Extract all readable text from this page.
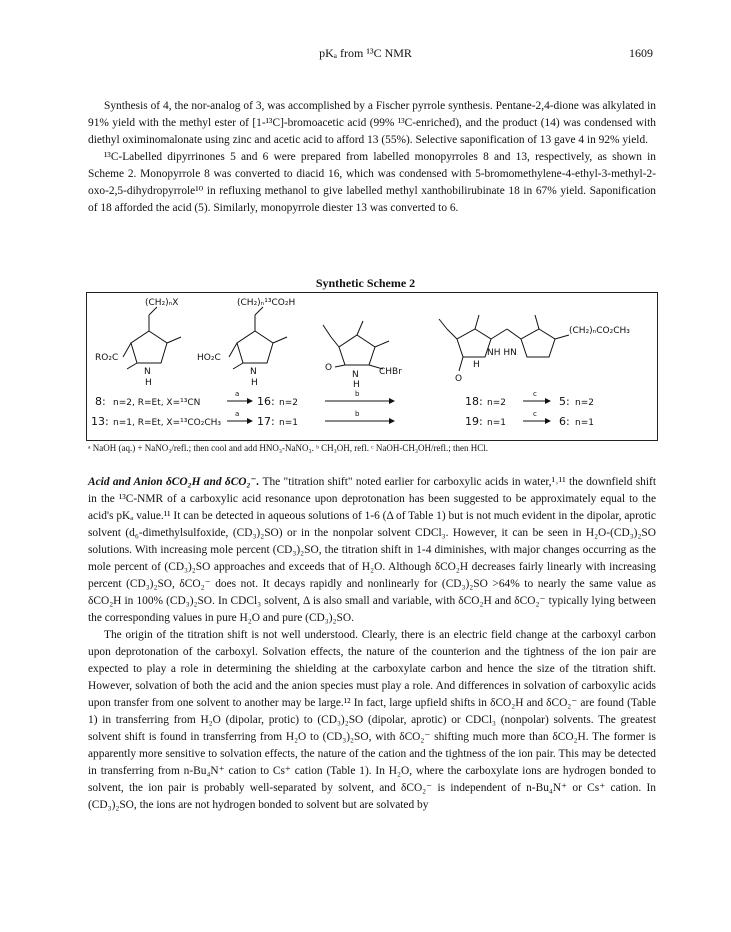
pKₐ from ¹³C NMR	1609

Synthesis of 4, the nor-analog of 3, was accomplished by a Fischer pyrrole synthesis. Pentane-2,4-dione was alkylated in 91% yield with the methyl ester of [1-¹³C]-bromoacetic acid (99% ¹³C-enriched), and the product (14) was condensed with diethyl oximinomalonate using zinc and acetic acid to afford 13 (55%). Selective saponification of 13 gave 4 in 92% yield.

¹³C-Labelled dipyrrinones 5 and 6 were prepared from labelled monopyrroles 8 and 13, respectively, as shown in Scheme 2. Monopyrrole 8 was converted to diacid 16, which was condensed with 5-bromomethylene-4-ethyl-3-methyl-2-oxo-2,5-dihydropyrrole¹⁰ in refluxing methanol to give labelled methyl xanthobilirubinate 18 in 67% yield. Saponification of 18 afforded the acid (5). Similarly, monopyrrole diester 13 was converted to 6.

Synthetic Scheme 2
(CH₂)ₙX
RO₂C
N
H
(CH₂)ₙ¹³CO₂H
HO₂C
N
H
O
N
H
CHBr
NH HN
(CH₂)ₙCO₂CH₃
O
H
8: n=2, R=Et, X=¹³CN
a
16: n=2
b
18: n=2
c
5: n=2
13: n=1, R=Et, X=¹³CO₂CH₃
a
17: n=1
b
19: n=1
c
6: n=1
ᵃ NaOH (aq.) + NaNO₃/refl.; then cool and add HNO₃-NaNO₃. ᵇ CH₃OH, refl. ᶜ NaOH-CH₃OH/refl.; then HCl.

Acid and Anion δCO₂H and δCO₂⁻. The "titration shift" noted earlier for carboxylic acids in water,¹˒¹¹ the downfield shift in the ¹³C-NMR of a carboxylic acid resonance upon deprotonation has been suggested to be approximately equal to the acid's pKₐ value.¹¹ It can be detected in aqueous solutions of 1-6 (Δ of Table 1) but is not much evident in the dipolar, aprotic solvent (d₆-dimethylsulfoxide, (CD₃)₂SO) or in the nonpolar solvent CDCl₃. However, it can be seen in H₂O-(CD₃)₂SO solutions. With increasing mole percent (CD₃)₂SO, the titration shift in 1-4 diminishes, with major changes occurring as the mole percent of (CD₃)₂SO approaches and exceeds that of H₂O. Although δCO₂H decreases fairly linearly with increasing percent (CD₃)₂SO, δCO₂⁻ does not. It decays rapidly and nonlinearly for (CD₃)₂SO >64% to nearly the same value as δCO₂H in 100% (CD₃)₂SO. In CDCl₃ solvent, Δ is also small and variable, with δCO₂H and δCO₂⁻ typically lying between the corresponding values in pure H₂O and pure (CD₃)₂SO.

The origin of the titration shift is not well understood. Clearly, there is an electric field change at the carboxyl carbon upon deprotonation of the carboxyl. Solvation effects, the nature of the counterion and the tightness of the ion pair are expected to play a role in determining the shielding at the carboxylate carbon and hence the size of the titration shift. However, solvation of both the acid and the anion species must play a role. And differences in solvation of carboxylic acids upon transfer from one solvent to another may be large.¹² In fact, large upfield shifts in δCO₂H and δCO₂⁻ are found (Table 1) in transferring from H₂O (dipolar, protic) to (CD₃)₂SO (dipolar, aprotic) or CDCl₃ (nonpolar) solvents. The greatest solvent shift is found in transferring from H₂O to (CD₃)₂SO, with δCO₂⁻ shifting much more than δCO₂H. The former is apparently more sensitive to solvation effects, the nature of the cation and the tightness of the ion pair. This may be detected in transferring from n-Bu₄N⁺ cation to Cs⁺ cation (Table 1). In H₂O, where the carboxylate ions are hydrogen bonded to solvent, the ion pair is probably well-separated by solvent, and δCO₂⁻ is independent of n-Bu₄N⁺ or Cs⁺ cation. In (CD₃)₂SO, the ions are not hydrogen bonded to solvent but are solvated by
